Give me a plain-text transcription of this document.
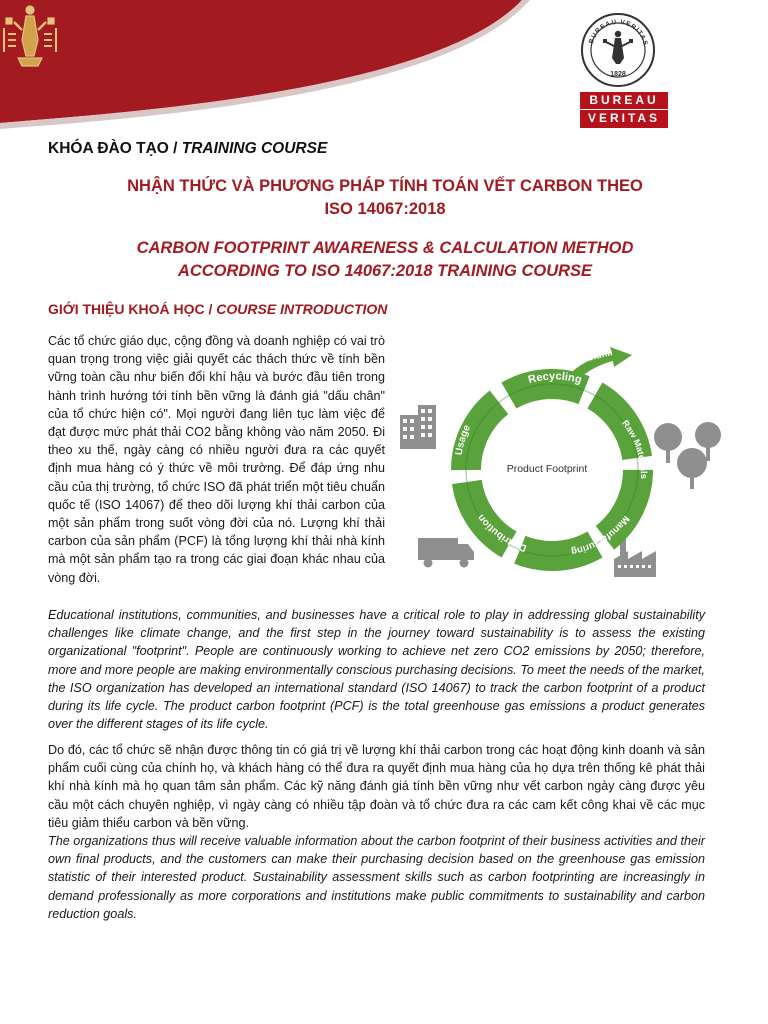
BUREAU VERITAS
1828
BUREAU
VERITAS
KHÓA ĐÀO TẠO / TRAINING COURSE
NHẬN THỨC VÀ PHƯƠNG PHÁP TÍNH TOÁN VẾT CARBON THEO
ISO 14067:2018
CARBON FOOTPRINT AWARENESS & CALCULATION METHOD
ACCORDING TO ISO 14067:2018 TRAINING COURSE
GIỚI THIỆU KHOÁ HỌC / COURSE INTRODUCTION
Các tổ chức giáo dục, cộng đồng và doanh nghiệp có vai trò quan trọng trong việc giải quyết các thách thức về tính bền vững toàn cầu như biến đổi khí hậu và bước đầu tiên trong hành trình hướng tới tính bền vững là đánh giá "dấu chân" của tổ chức hiện có". Mọi người đang liên tục làm việc để đạt được mức phát thải CO2 bằng không vào năm 2050. Đi theo xu thế, ngày càng có nhiều người đưa ra các quyết định mua hàng có ý thức về môi trường. Để đáp ứng nhu cầu của thị trường, tổ chức ISO đã phát triển một tiêu chuẩn quốc tế (ISO 14067) để theo dõi lượng khí thải carbon của một sản phẩm trong suốt vòng đời của nó. Lượng khí thải carbon của sản phẩm (PCF) là tổng lượng khí thải nhà kính mà một sản phẩm tạo ra trong các giai đoạn khác nhau của vòng đời.
Landfill
Recycling
Raw Materials
Manufacturing
Distribution
Usage
Product Footprint
Educational institutions, communities, and businesses have a critical role to play in addressing global sustainability challenges like climate change, and the first step in the journey toward sustainability is to assess the existing organizational "footprint". People are continuously working to achieve net zero CO2 emissions by 2050; therefore, more and more people are making environmentally conscious purchasing decisions. To meet the needs of the market, the ISO organization has developed an international standard (ISO 14067) to track the carbon footprint of a product during its life cycle. The product carbon footprint (PCF) is the total greenhouse gas emissions a product generates over the different stages of its life cycle.
Do đó, các tổ chức sẽ nhận được thông tin có giá trị về lượng khí thải carbon trong các hoạt động kinh doanh và sản phẩm cuối cùng của chính họ, và khách hàng có thể đưa ra quyết định mua hàng của họ dựa trên thống kê phát thải khí nhà kính mà họ quan tâm sản phẩm. Các kỹ năng đánh giá tính bền vững như vết carbon ngày càng được yêu cầu một cách chuyên nghiệp, vì ngày càng có nhiều tập đoàn và tổ chức đưa ra các cam kết công khai về các mục tiêu giảm thiểu carbon và bền vững.
The organizations thus will receive valuable information about the carbon footprint of their business activities and their own final products, and the customers can make their purchasing decision based on the greenhouse gas emission statistic of their interested product. Sustainability assessment skills such as carbon footprinting are increasingly in demand professionally as more corporations and institutions make public commitments to sustainability and carbon reduction goals.
